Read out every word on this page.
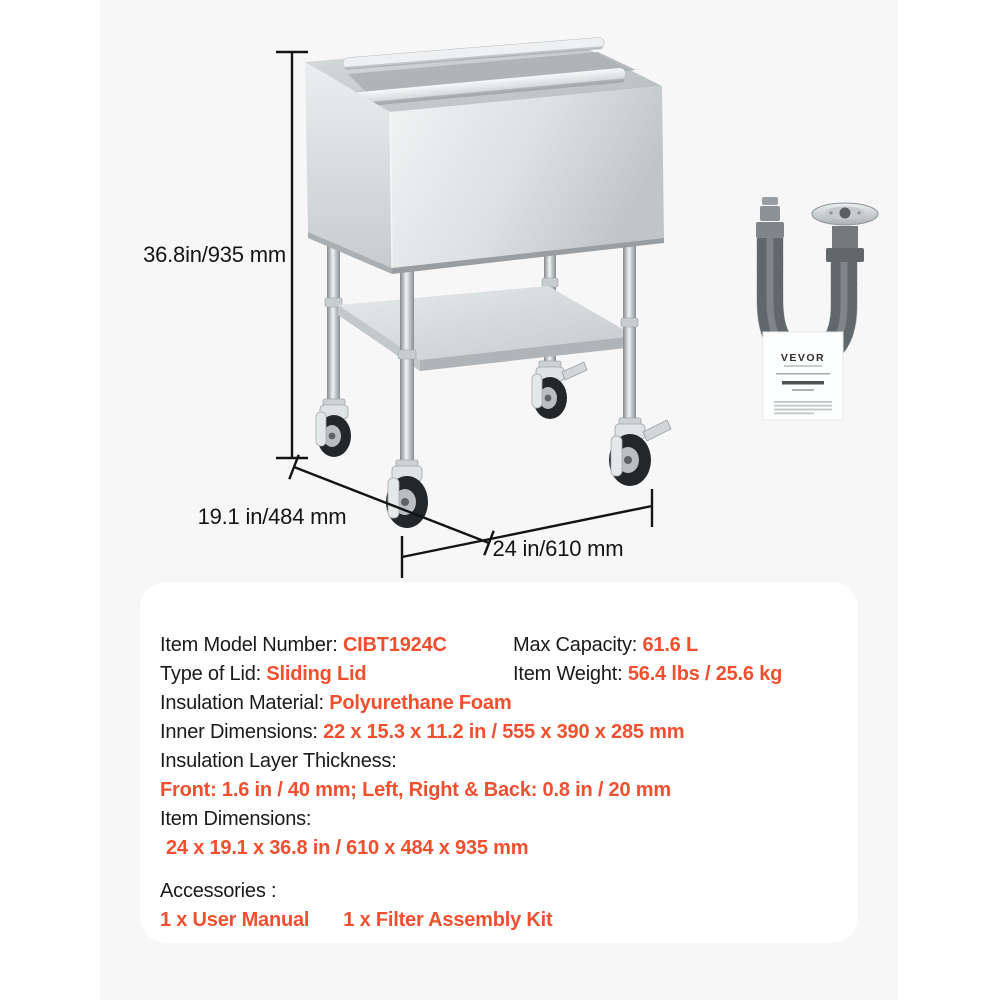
36.8in/935 mm
19.1 in/484 mm
24 in/610 mm
VEVOR
Item Model Number: CIBT1924C	Max Capacity: 61.6 L
Type of Lid: Sliding Lid	Item Weight: 56.4 lbs / 25.6 kg
Insulation Material: Polyurethane Foam
Inner Dimensions: 22 x 15.3 x 11.2 in / 555 x 390 x 285 mm
Insulation Layer Thickness:
Front: 1.6 in / 40 mm; Left, Right & Back: 0.8 in / 20 mm
Item Dimensions:
24 x 19.1 x 36.8 in / 610 x 484 x 935 mm
Accessories :
1 x User Manual 1 x Filter Assembly Kit
